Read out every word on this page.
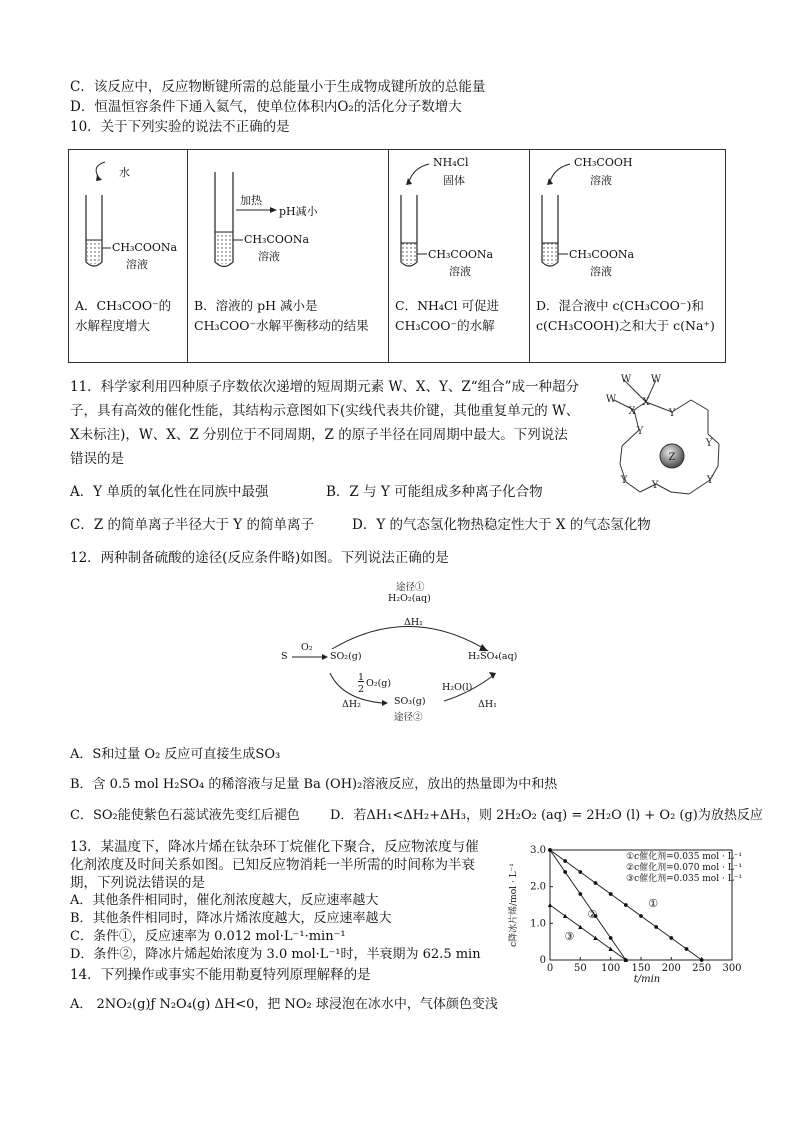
C．该反应中，反应物断键所需的总能量小于生成物成键所放的总能量
D．恒温恒容条件下通入氦气，使单位体积内O₂的活化分子数增大
10．关于下列实验的说法不正确的是
水
CH₃COONa
溶液
A．CH₃COO⁻的水解程度增大

加热
pH减小
CH₃COONa
溶液
B．溶液的 pH 减小是 CH₃COO⁻水解平衡移动的结果

NH₄Cl
固体
CH₃COONa
溶液
C．NH₄Cl 可促进CH₃COO⁻的水解

CH₃COOH
溶液
CH₃COONa
溶液
D．混合液中 c(CH₃COO⁻)和c(CH₃COOH)之和大于 c(Na⁺)
11．科学家利用四种原子序数依次递增的短周期元素 W、X、Y、Z“组合”成一种超分
子，具有高效的催化性能，其结构示意图如下(实线代表共价键，其他重复单元的 W、
X未标注)，W、X、Z 分别位于不同周期，Z 的原子半径在同周期中最大。下列说法
错误的是
A．Y 单质的氧化性在同族中最强	B．Z 与 Y 可能组成多种离子化合物
C．Z 的简单离子半径大于 Y 的简单离子	D．Y 的气态氢化物热稳定性大于 X 的气态氢化物
W W
W	X
X	Y
Y
Y
Y
Y
Y
Z
12．两种制备硫酸的途径(反应条件略)如图。下列说法正确的是
途径①
H₂O₂(aq)
ΔH₁
S
O₂
SO₂(g)	H₂SO₄(aq)
1
2
O₂(g)
SO₃(g)
H₂O(l)
ΔH₂	ΔH₁
途径②
A．S和过量 O₂ 反应可直接生成SO₃
B．含 0.5 mol H₂SO₄ 的稀溶液与足量 Ba (OH)₂溶液反应，放出的热量即为中和热
C．SO₂能使紫色石蕊试液先变红后褪色 D．若ΔH₁<ΔH₂+ΔH₃，则 2H₂O₂ (aq) = 2H₂O (l) + O₂ (g)为放热反应
13．某温度下，降冰片烯在钛杂环丁烷催化下聚合，反应物浓度与催
化剂浓度及时间关系如图。已知反应物消耗一半所需的时间称为半衰
期，下列说法错误的是
A．其他条件相同时，催化剂浓度越大，反应速率越大
B．其他条件相同时，降冰片烯浓度越大，反应速率越大
C．条件①，反应速率为 0.012 mol·L⁻¹·min⁻¹
D．条件②，降冰片烯起始浓度为 3.0 mol·L⁻¹时，半衰期为 62.5 min
0 50 100 150 200 250 300
0
1.0
2.0
3.0
t/min
c降冰片烯/mol · L⁻¹
①c催化剂=0.035 mol · L⁻¹
②c催化剂=0.070 mol · L⁻¹
③c催化剂=0.035 mol · L⁻¹
①
②
③
14．下列操作或事实不能用勒夏特列原理解释的是
A． 2NO₂(g)ƒ N₂O₄(g) ΔH<0，把 NO₂ 球浸泡在冰水中，气体颜色变浅
